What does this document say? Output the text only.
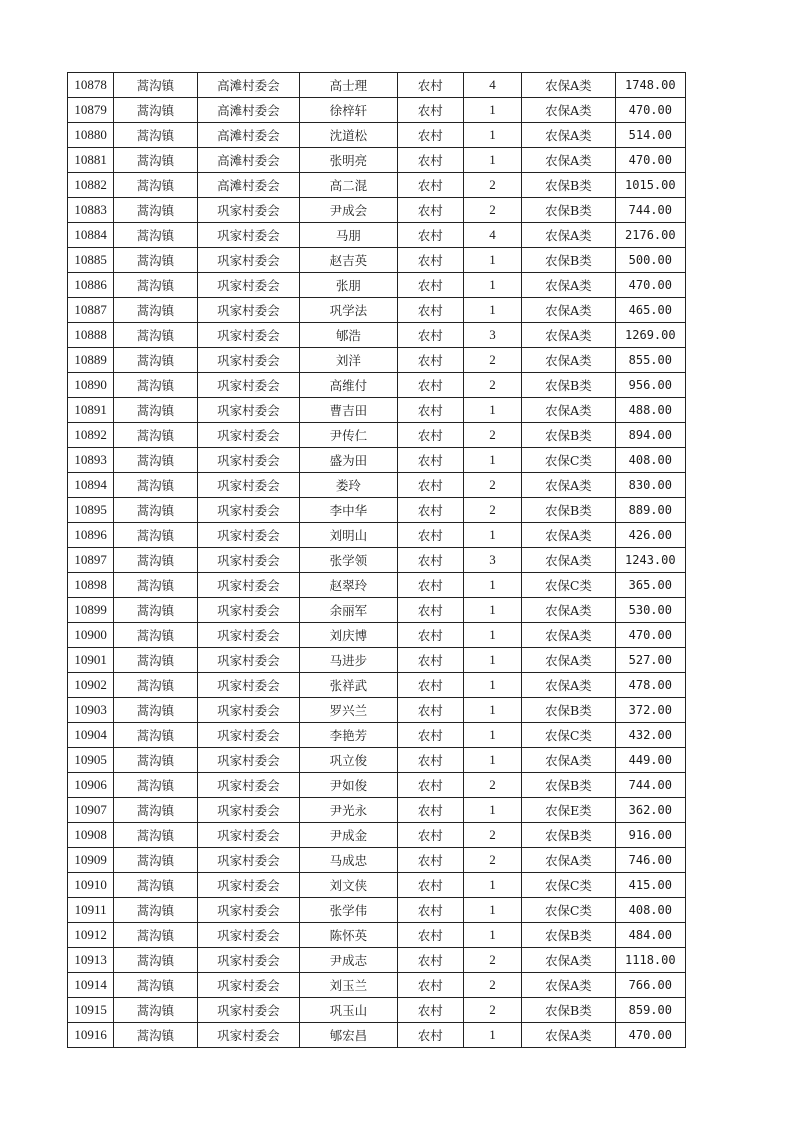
10878	蒿沟镇	高滩村委会	高士理	农村	4	农保A类	1748.00
10879	蒿沟镇	高滩村委会	徐梓轩	农村	1	农保A类	470.00
10880	蒿沟镇	高滩村委会	沈道松	农村	1	农保A类	514.00
10881	蒿沟镇	高滩村委会	张明亮	农村	1	农保A类	470.00
10882	蒿沟镇	高滩村委会	高二混	农村	2	农保B类	1015.00
10883	蒿沟镇	巩家村委会	尹成会	农村	2	农保B类	744.00
10884	蒿沟镇	巩家村委会	马朋	农村	4	农保A类	2176.00
10885	蒿沟镇	巩家村委会	赵吉英	农村	1	农保B类	500.00
10886	蒿沟镇	巩家村委会	张朋	农村	1	农保A类	470.00
10887	蒿沟镇	巩家村委会	巩学法	农村	1	农保A类	465.00
10888	蒿沟镇	巩家村委会	郇浩	农村	3	农保A类	1269.00
10889	蒿沟镇	巩家村委会	刘洋	农村	2	农保A类	855.00
10890	蒿沟镇	巩家村委会	高维付	农村	2	农保B类	956.00
10891	蒿沟镇	巩家村委会	曹吉田	农村	1	农保A类	488.00
10892	蒿沟镇	巩家村委会	尹传仁	农村	2	农保B类	894.00
10893	蒿沟镇	巩家村委会	盛为田	农村	1	农保C类	408.00
10894	蒿沟镇	巩家村委会	娄玲	农村	2	农保A类	830.00
10895	蒿沟镇	巩家村委会	李中华	农村	2	农保B类	889.00
10896	蒿沟镇	巩家村委会	刘明山	农村	1	农保A类	426.00
10897	蒿沟镇	巩家村委会	张学领	农村	3	农保A类	1243.00
10898	蒿沟镇	巩家村委会	赵翠玲	农村	1	农保C类	365.00
10899	蒿沟镇	巩家村委会	余丽军	农村	1	农保A类	530.00
10900	蒿沟镇	巩家村委会	刘庆博	农村	1	农保A类	470.00
10901	蒿沟镇	巩家村委会	马进步	农村	1	农保A类	527.00
10902	蒿沟镇	巩家村委会	张祥武	农村	1	农保A类	478.00
10903	蒿沟镇	巩家村委会	罗兴兰	农村	1	农保B类	372.00
10904	蒿沟镇	巩家村委会	李艳芳	农村	1	农保C类	432.00
10905	蒿沟镇	巩家村委会	巩立俊	农村	1	农保A类	449.00
10906	蒿沟镇	巩家村委会	尹如俊	农村	2	农保B类	744.00
10907	蒿沟镇	巩家村委会	尹光永	农村	1	农保E类	362.00
10908	蒿沟镇	巩家村委会	尹成金	农村	2	农保B类	916.00
10909	蒿沟镇	巩家村委会	马成忠	农村	2	农保A类	746.00
10910	蒿沟镇	巩家村委会	刘文侠	农村	1	农保C类	415.00
10911	蒿沟镇	巩家村委会	张学伟	农村	1	农保C类	408.00
10912	蒿沟镇	巩家村委会	陈怀英	农村	1	农保B类	484.00
10913	蒿沟镇	巩家村委会	尹成志	农村	2	农保A类	1118.00
10914	蒿沟镇	巩家村委会	刘玉兰	农村	2	农保A类	766.00
10915	蒿沟镇	巩家村委会	巩玉山	农村	2	农保B类	859.00
10916	蒿沟镇	巩家村委会	郇宏昌	农村	1	农保A类	470.00
